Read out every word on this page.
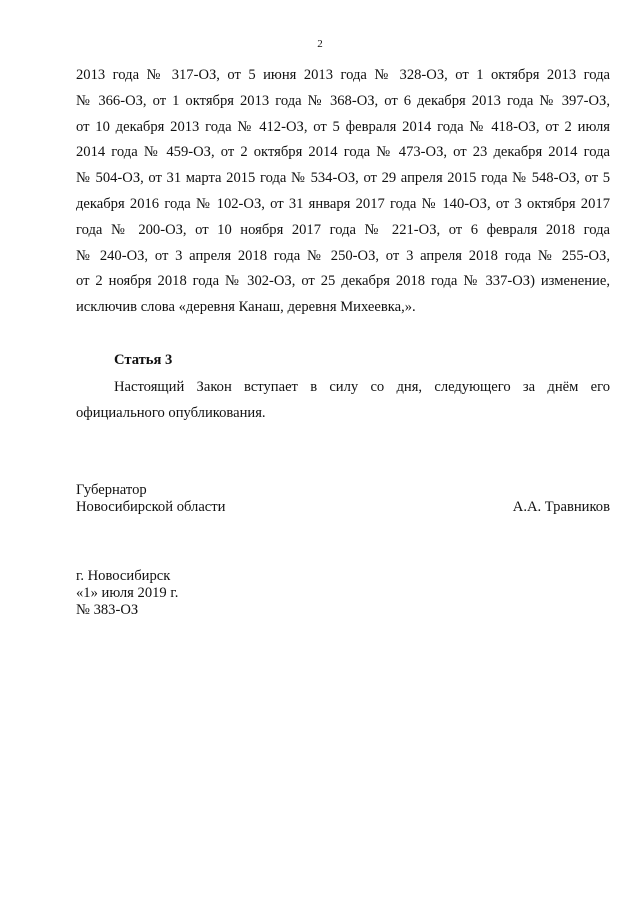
2
2013 года № 317-ОЗ, от 5 июня 2013 года № 328-ОЗ, от 1 октября 2013 года
№ 366-ОЗ, от 1 октября 2013 года № 368-ОЗ, от 6 декабря 2013 года № 397-ОЗ,
от 10 декабря 2013 года № 412-ОЗ, от 5 февраля 2014 года № 418-ОЗ, от 2 июля
2014 года № 459-ОЗ, от 2 октября 2014 года № 473-ОЗ, от 23 декабря 2014 года
№ 504-ОЗ, от 31 марта 2015 года № 534-ОЗ, от 29 апреля 2015 года № 548-ОЗ, от 5
декабря 2016 года № 102-ОЗ, от 31 января 2017 года № 140-ОЗ, от 3 октября 2017
года № 200-ОЗ, от 10 ноября 2017 года № 221-ОЗ, от 6 февраля 2018 года
№ 240-ОЗ, от 3 апреля 2018 года № 250-ОЗ, от 3 апреля 2018 года № 255-ОЗ,
от 2 ноября 2018 года № 302-ОЗ, от 25 декабря 2018 года № 337-ОЗ) изменение,
исключив слова «деревня Канаш, деревня Михеевка,».
Статья 3
Настоящий Закон вступает в силу со дня, следующего за днём его
официального опубликования.
Губернатор
Новосибирской области	А.А. Травников
г. Новосибирск
«1» июля 2019 г.
№ 383-ОЗ
